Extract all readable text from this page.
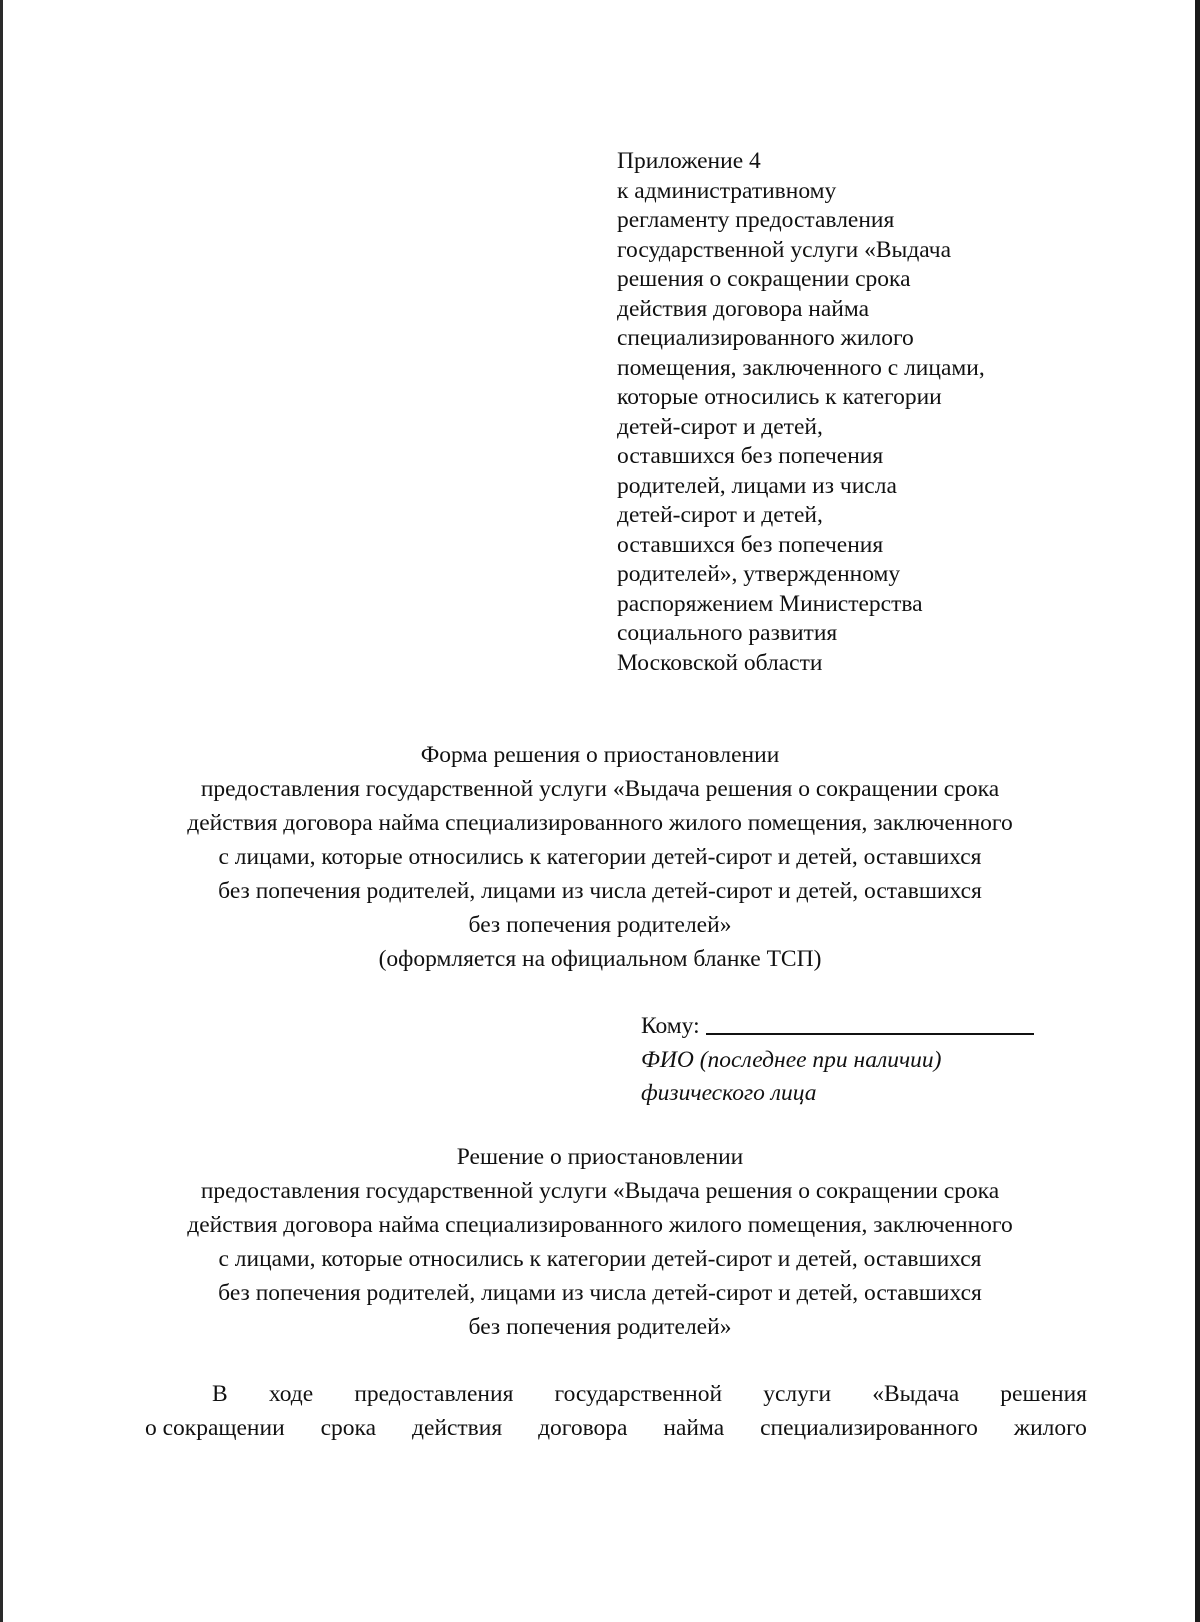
Приложение 4
к административному
регламенту предоставления
государственной услуги «Выдача
решения о сокращении срока
действия договора найма
специализированного жилого
помещения, заключенного с лицами,
которые относились к категории
детей-сирот и детей,
оставшихся без попечения
родителей, лицами из числа
детей-сирот и детей,
оставшихся без попечения
родителей», утвержденному
распоряжением Министерства
социального развития
Московской области
Форма решения о приостановлении
предоставления государственной услуги «Выдача решения о сокращении срока
действия договора найма специализированного жилого помещения, заключенного
с лицами, которые относились к категории детей-сирот и детей, оставшихся
без попечения родителей, лицами из числа детей-сирот и детей, оставшихся
без попечения родителей»
(оформляется на официальном бланке ТСП)
Кому:
ФИО (последнее при наличии)
физического лица
Решение о приостановлении
предоставления государственной услуги «Выдача решения о сокращении срока
действия договора найма специализированного жилого помещения, заключенного
с лицами, которые относились к категории детей-сирот и детей, оставшихся
без попечения родителей, лицами из числа детей-сирот и детей, оставшихся
без попечения родителей»
В ходе предоставления государственной услуги «Выдача решения
о сокращении срока действия договора найма специализированного жилого
